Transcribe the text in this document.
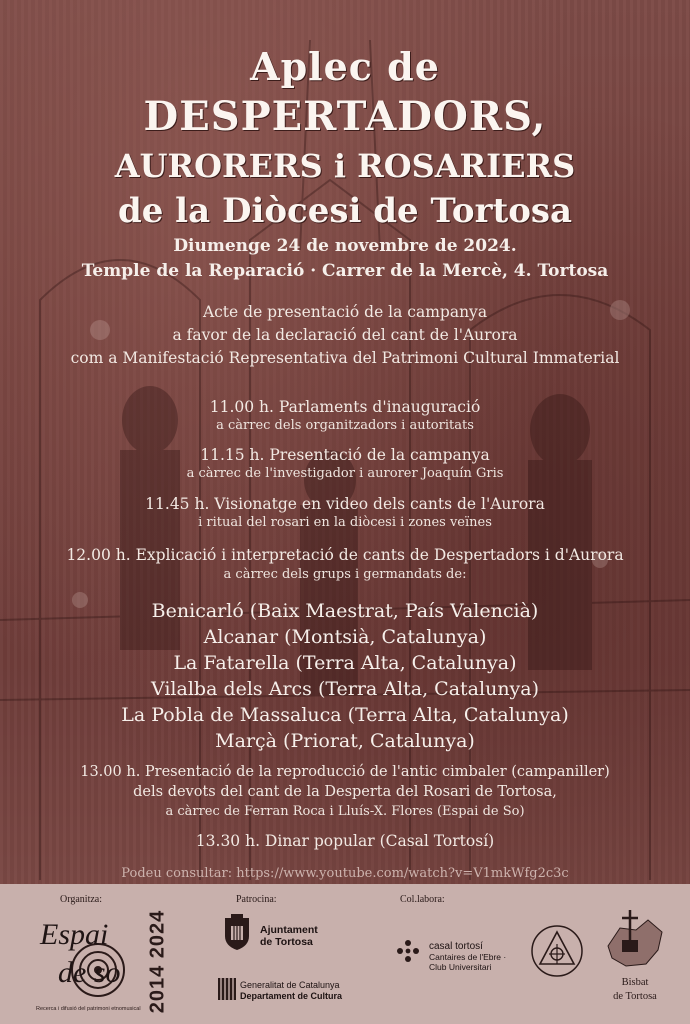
Aplec de
DESPERTADORS,
AURORERS i ROSARIERS
de la Diòcesi de Tortosa
Diumenge 24 de novembre de 2024.
Temple de la Reparació · Carrer de la Mercè, 4. Tortosa
Acte de presentació de la campanya
a favor de la declaració del cant de l'Aurora
com a Manifestació Representativa del Patrimoni Cultural Immaterial
11.00 h. Parlaments d'inauguració
a càrrec dels organitzadors i autoritats
11.15 h. Presentació de la campanya
a càrrec de l'investigador i aurorer Joaquín Gris
11.45 h. Visionatge en video dels cants de l'Aurora
i ritual del rosari en la diòcesi i zones veïnes
12.00 h. Explicació i interpretació de cants de Despertadors i d'Aurora
a càrrec dels grups i germandats de:
Benicarló (Baix Maestrat, País Valencià)
Alcanar (Montsià, Catalunya)
La Fatarella (Terra Alta, Catalunya)
Vilalba dels Arcs (Terra Alta, Catalunya)
La Pobla de Massaluca (Terra Alta, Catalunya)
Marçà (Priorat, Catalunya)
13.00 h. Presentació de la reproducció de l'antic cimbaler (campaniller)
dels devots del cant de la Desperta del Rosari de Tortosa,
a càrrec de Ferran Roca i Lluís-X. Flores (Espai de So)
13.30 h. Dinar popular (Casal Tortosí)
Podeu consultar: https://www.youtube.com/watch?v=V1mkWfg2c3c
Organitza:	Patrocina:	Col.labora:
Espai
de so 2014 2024
Recerca i difusió del patrimoni etnomusical
Ajuntament
de Tortosa
Generalitat de Catalunya
Departament de Cultura
casal tortosí
Cantaires de l'Ebre ·
Club Universitari
Bisbat
de Tortosa
